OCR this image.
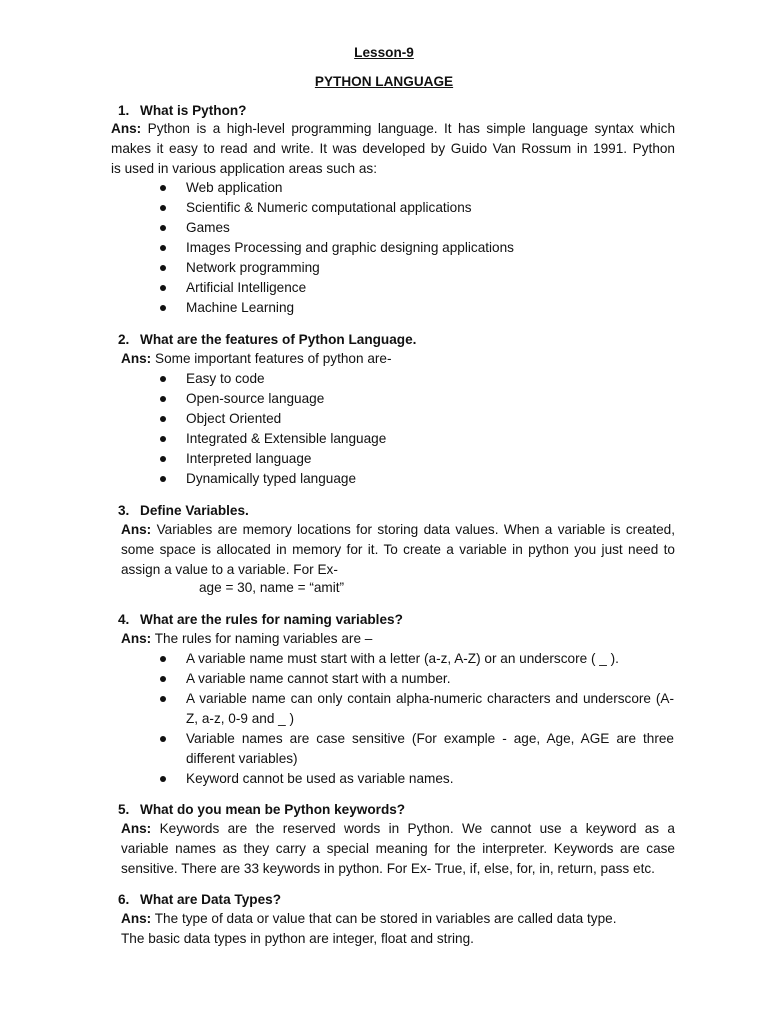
Lesson-9
PYTHON LANGUAGE
1. What is Python?
Ans: Python is a high-level programming language. It has simple language syntax which
makes it easy to read and write. It was developed by Guido Van Rossum in 1991. Python
is used in various application areas such as:
Web application
Scientific & Numeric computational applications
Games
Images Processing and graphic designing applications
Network programming
Artificial Intelligence
Machine Learning
2. What are the features of Python Language.
Ans: Some important features of python are-
Easy to code
Open-source language
Object Oriented
Integrated & Extensible language
Interpreted language
Dynamically typed language
3. Define Variables.
Ans: Variables are memory locations for storing data values. When a variable is created,
some space is allocated in memory for it. To create a variable in python you just need to
assign a value to a variable. For Ex-
age = 30, name = “amit”
4. What are the rules for naming variables?
Ans: The rules for naming variables are –
A variable name must start with a letter (a-z, A-Z) or an underscore ( _ ).
A variable name cannot start with a number.
A variable name can only contain alpha-numeric characters and underscore (A-Z, a-z, 0-9 and _ )
Variable names are case sensitive (For example - age, Age, AGE are three different variables)
Keyword cannot be used as variable names.
5. What do you mean be Python keywords?
Ans: Keywords are the reserved words in Python. We cannot use a keyword as a
variable names as they carry a special meaning for the interpreter. Keywords are case
sensitive. There are 33 keywords in python. For Ex- True, if, else, for, in, return, pass etc.
6. What are Data Types?
Ans: The type of data or value that can be stored in variables are called data type.
The basic data types in python are integer, float and string.
